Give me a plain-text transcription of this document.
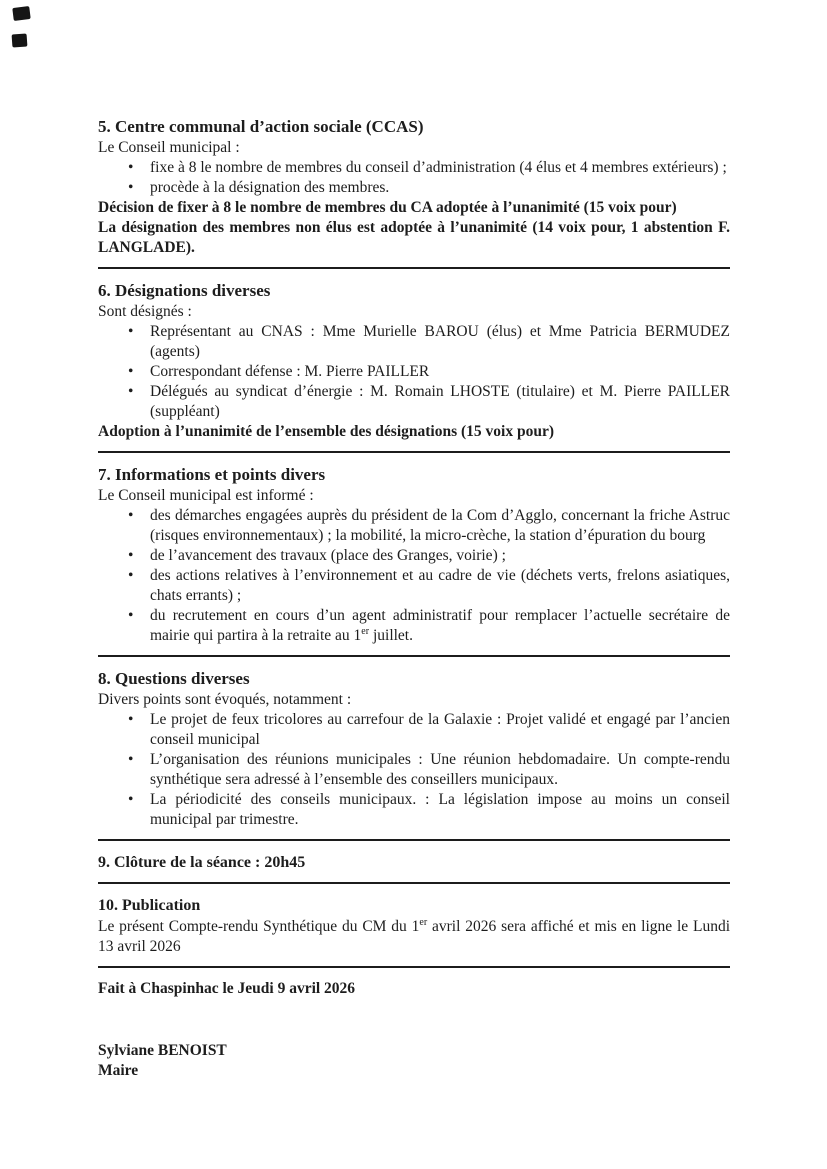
5. Centre communal d’action sociale (CCAS)

Le Conseil municipal :

• fixe à 8 le nombre de membres du conseil d’administration (4 élus et 4 membres extérieurs) ;
• procède à la désignation des membres.

Décision de fixer à 8 le nombre de membres du CA adoptée à l’unanimité (15 voix pour)

La désignation des membres non élus est adoptée à l’unanimité (14 voix pour, 1 abstention F. LANGLADE).

6. Désignations diverses

Sont désignés :

• Représentant au CNAS : Mme Murielle BAROU (élus) et Mme Patricia BERMUDEZ (agents)
• Correspondant défense : M. Pierre PAILLER
• Délégués au syndicat d’énergie : M. Romain LHOSTE (titulaire) et M. Pierre PAILLER (suppléant)

Adoption à l’unanimité de l’ensemble des désignations (15 voix pour)

7. Informations et points divers

Le Conseil municipal est informé :

• des démarches engagées auprès du président de la Com d’Agglo, concernant la friche Astruc (risques environnementaux) ; la mobilité, la micro-crèche, la station d’épuration du bourg
• de l’avancement des travaux (place des Granges, voirie) ;
• des actions relatives à l’environnement et au cadre de vie (déchets verts, frelons asiatiques, chats errants) ;
• du recrutement en cours d’un agent administratif pour remplacer l’actuelle secrétaire de mairie qui partira à la retraite au 1er juillet.
8. Questions diverses

Divers points sont évoqués, notamment :

• Le projet de feux tricolores au carrefour de la Galaxie : Projet validé et engagé par l’ancien conseil municipal
• L’organisation des réunions municipales : Une réunion hebdomadaire. Un compte-rendu synthétique sera adressé à l’ensemble des conseillers municipaux.
• La périodicité des conseils municipaux. : La législation impose au moins un conseil municipal par trimestre.
9. Clôture de la séance : 20h45
10. Publication

Le présent Compte-rendu Synthétique du CM du 1er avril 2026 sera affiché et mis en ligne le Lundi 13 avril 2026

Fait à Chaspinhac le Jeudi 9 avril 2026

Sylviane BENOIST

Maire
